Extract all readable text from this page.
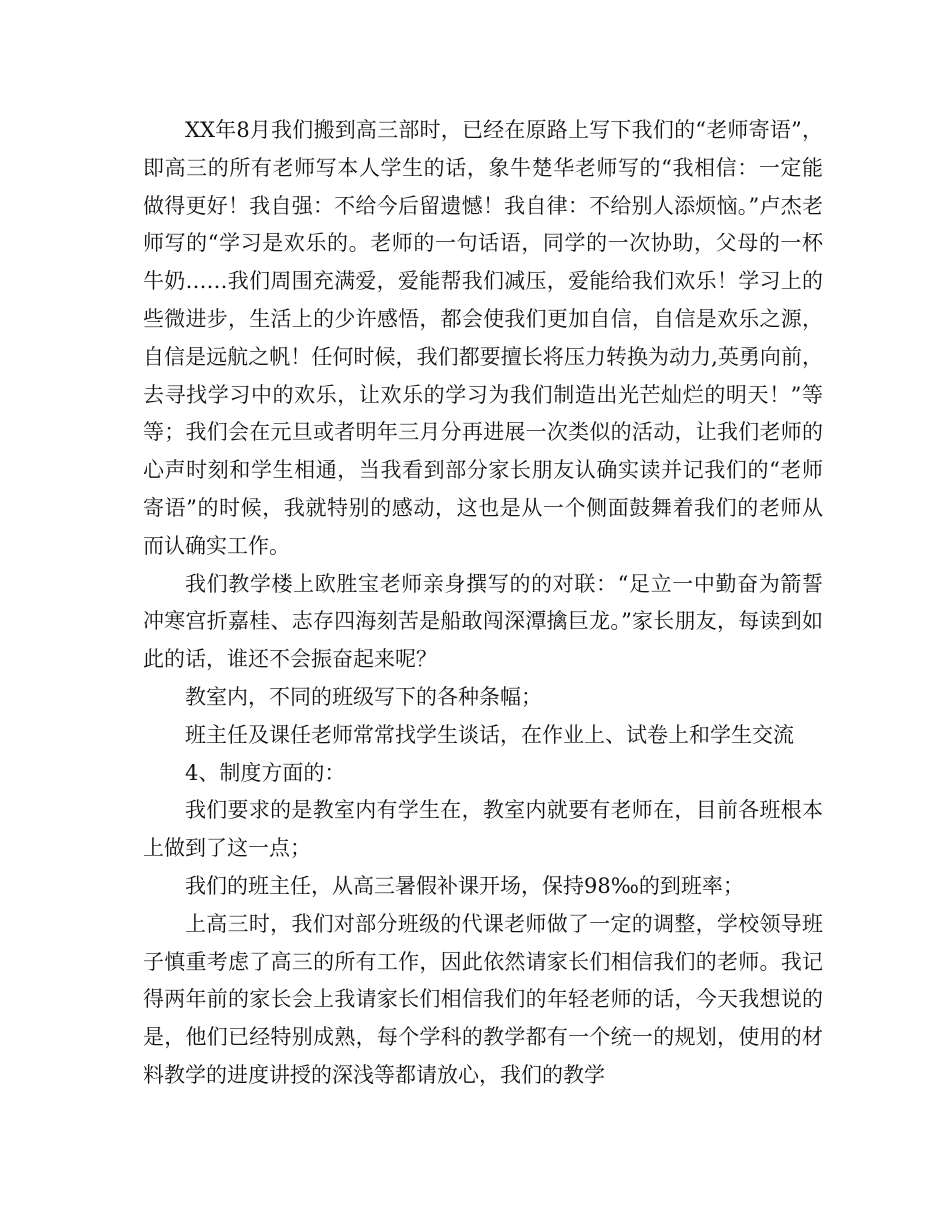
XX年8月我们搬到高三部时，已经在原路上写下我们的“老师寄语”，即高三的所有老师写本人学生的话，象牛楚华老师写的“我相信：一定能做得更好！我自强：不给今后留遗憾！我自律：不给别人添烦恼。”卢杰老师写的“学习是欢乐的。老师的一句话语，同学的一次协助，父母的一杯牛奶……我们周围充满爱，爱能帮我们减压，爱能给我们欢乐！学习上的些微进步，生活上的少许感悟，都会使我们更加自信，自信是欢乐之源，自信是远航之帆！任何时候，我们都要擅长将压力转换为动力,英勇向前，去寻找学习中的欢乐，让欢乐的学习为我们制造出光芒灿烂的明天！”等等；我们会在元旦或者明年三月分再进展一次类似的活动，让我们老师的心声时刻和学生相通，当我看到部分家长朋友认确实读并记我们的“老师寄语”的时候，我就特别的感动，这也是从一个侧面鼓舞着我们的老师从而认确实工作。

我们教学楼上欧胜宝老师亲身撰写的的对联：“足立一中勤奋为箭誓冲寒宫折嘉桂、志存四海刻苦是船敢闯深潭擒巨龙。”家长朋友，每读到如此的话，谁还不会振奋起来呢？

教室内，不同的班级写下的各种条幅；

班主任及课任老师常常找学生谈话，在作业上、试卷上和学生交流

4、制度方面的：

我们要求的是教室内有学生在，教室内就要有老师在，目前各班根本上做到了这一点；

我们的班主任，从高三暑假补课开场，保持98‰的到班率；

上高三时，我们对部分班级的代课老师做了一定的调整，学校领导班子慎重考虑了高三的所有工作，因此依然请家长们相信我们的老师。我记得两年前的家长会上我请家长们相信我们的年轻老师的话，今天我想说的是，他们已经特别成熟，每个学科的教学都有一个统一的规划，使用的材料教学的进度讲授的深浅等都请放心，我们的教学
